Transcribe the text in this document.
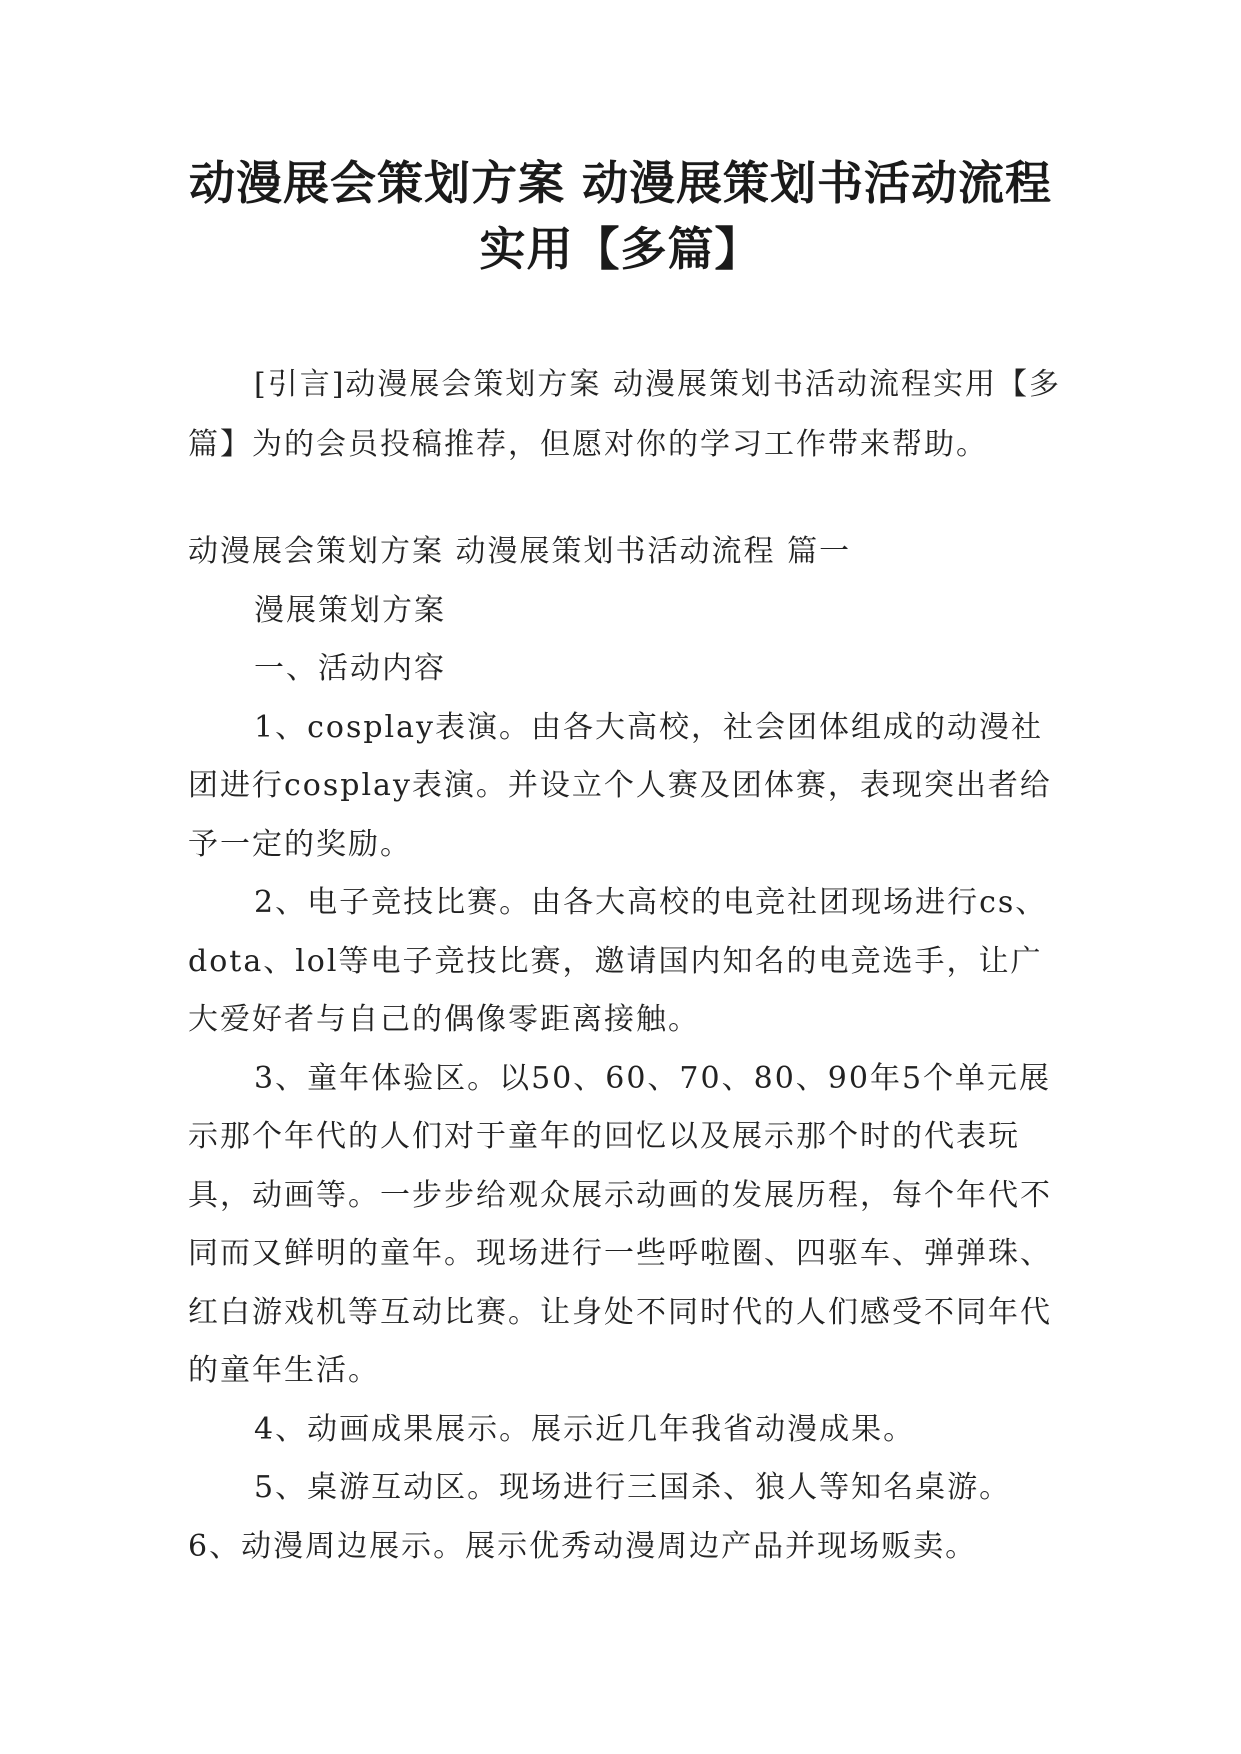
动漫展会策划方案 动漫展策划书活动流程
实用【多篇】

[引言]动漫展会策划方案 动漫展策划书活动流程实用【多篇】为的会员投稿推荐，但愿对你的学习工作带来帮助。

动漫展会策划方案 动漫展策划书活动流程 篇一

漫展策划方案

一、活动内容

1、cosplay表演。由各大高校，社会团体组成的动漫社团进行cosplay表演。并设立个人赛及团体赛，表现突出者给予一定的奖励。

2、电子竞技比赛。由各大高校的电竞社团现场进行cs、dota、lol等电子竞技比赛，邀请国内知名的电竞选手，让广大爱好者与自己的偶像零距离接触。

3、童年体验区。以50、60、70、80、90年5个单元展示那个年代的人们对于童年的回忆以及展示那个时的代表玩具，动画等。一步步给观众展示动画的发展历程，每个年代不同而又鲜明的童年。现场进行一些呼啦圈、四驱车、弹弹珠、红白游戏机等互动比赛。让身处不同时代的人们感受不同年代的童年生活。

4、动画成果展示。展示近几年我省动漫成果。

5、桌游互动区。现场进行三国杀、狼人等知名桌游。

6、动漫周边展示。展示优秀动漫周边产品并现场贩卖。
